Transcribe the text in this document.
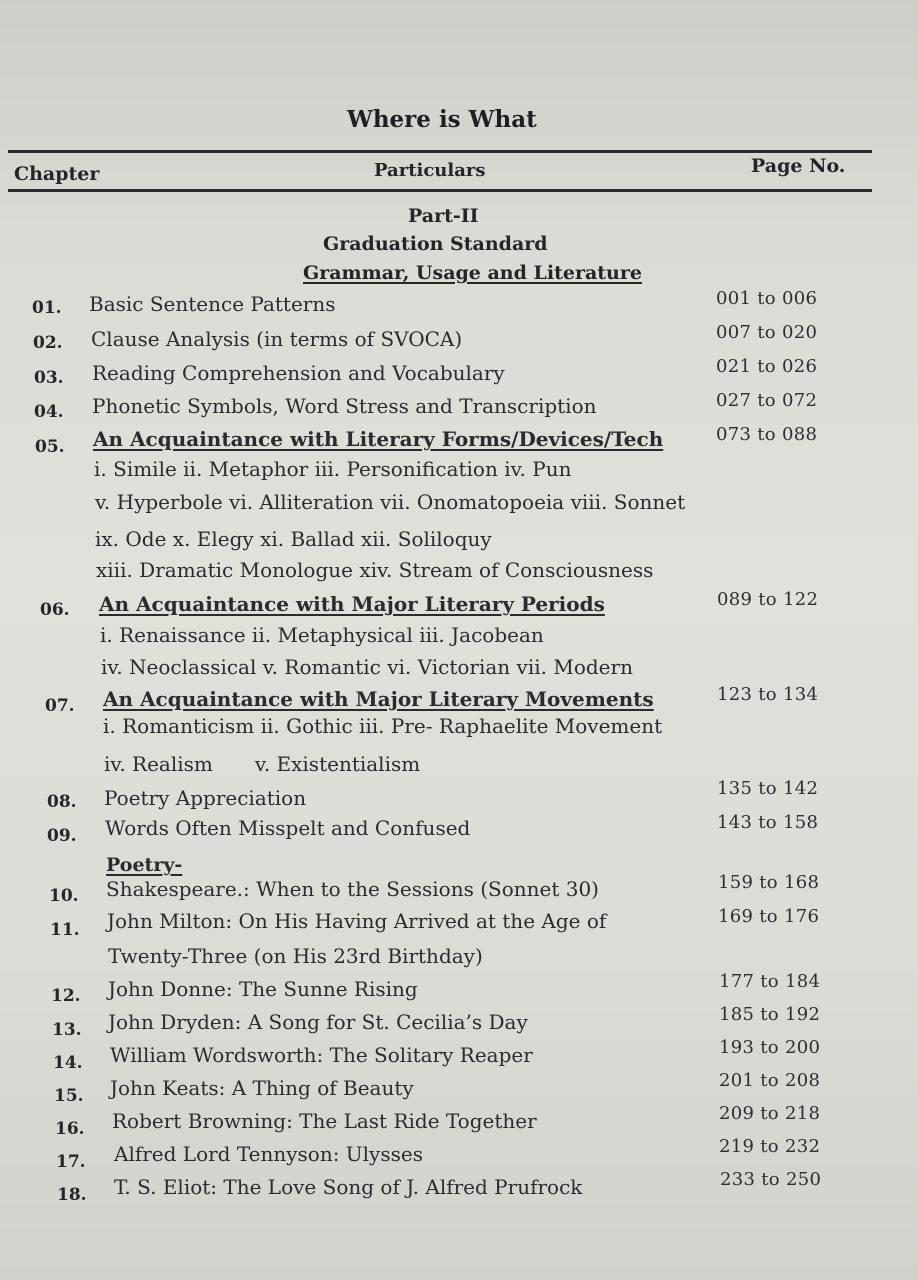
Where is What
Chapter	Particulars	Page No.
Part-II
Graduation Standard
Grammar, Usage and Literature
01. Basic Sentence Patterns	001 to 006
02. Clause Analysis (in terms of SVOCA)	007 to 020
03. Reading Comprehension and Vocabulary	021 to 026
04. Phonetic Symbols, Word Stress and Transcription	027 to 072
05. An Acquaintance with Literary Forms/Devices/Tech	073 to 088
i. Simile ii. Metaphor iii. Personification iv. Pun
v. Hyperbole vi. Alliteration vii. Onomatopoeia viii. Sonnet
ix. Ode x. Elegy xi. Ballad xii. Soliloquy
xiii. Dramatic Monologue xiv. Stream of Consciousness
06. An Acquaintance with Major Literary Periods	089 to 122
i. Renaissance ii. Metaphysical iii. Jacobean
iv. Neoclassical v. Romantic vi. Victorian vii. Modern
07. An Acquaintance with Major Literary Movements	123 to 134
i. Romanticism ii. Gothic iii. Pre- Raphaelite Movement
iv. Realism v. Existentialism
08. Poetry Appreciation	135 to 142
09. Words Often Misspelt and Confused	143 to 158
Poetry-
10. Shakespeare.: When to the Sessions (Sonnet 30)	159 to 168
11. John Milton: On His Having Arrived at the Age of	169 to 176
Twenty-Three (on His 23rd Birthday)
12. John Donne: The Sunne Rising	177 to 184
13. John Dryden: A Song for St. Cecilia’s Day	185 to 192
14. William Wordsworth: The Solitary Reaper	193 to 200
15. John Keats: A Thing of Beauty	201 to 208
16. Robert Browning: The Last Ride Together	209 to 218
17. Alfred Lord Tennyson: Ulysses	219 to 232
18. T. S. Eliot: The Love Song of J. Alfred Prufrock	233 to 250
